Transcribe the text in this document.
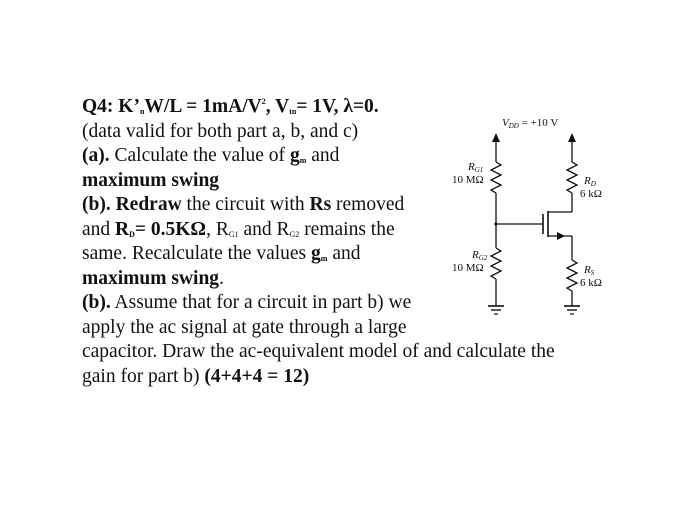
Q4: $K’_nW/L = 1mA/V^2$, $V_{tn}= 1V$, λ=0.
(data valid for both part a, b, and c)
(a). Calculate the value of $g_m$ and
maximum swing
(b). Redraw the circuit with Rs removed
and $R_D= 0.5K\Omega$, $R_{G1}$ and $R_{G2}$ remains the
same. Recalculate the values $g_m$ and
maximum swing.
(b). Assume that for a circuit in part b) we
apply the ac signal at gate through a large
capacitor. Draw the ac-equivalent model of and calculate the
gain for part b) (4+4+4 = 12)
VDD = +10 V
RG1
10 MΩ	RD
6 kΩ
RG2
10 MΩ	RS
6 kΩ
